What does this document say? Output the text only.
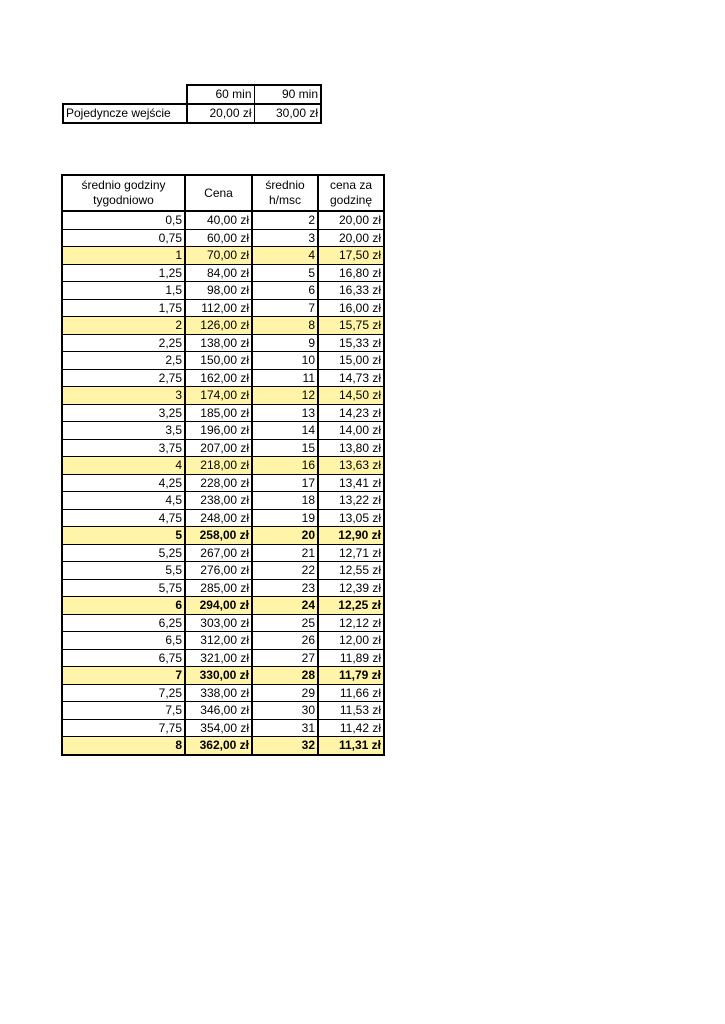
	60 min	90 min
Pojedyncze wejście	20,00 zł	30,00 zł
średnio godziny tygodniowo	Cena	średnio h/msc	cena za godzinę
0,5	40,00 zł	2	20,00 zł
0,75	60,00 zł	3	20,00 zł
1	70,00 zł	4	17,50 zł
1,25	84,00 zł	5	16,80 zł
1,5	98,00 zł	6	16,33 zł
1,75	112,00 zł	7	16,00 zł
2	126,00 zł	8	15,75 zł
2,25	138,00 zł	9	15,33 zł
2,5	150,00 zł	10	15,00 zł
2,75	162,00 zł	11	14,73 zł
3	174,00 zł	12	14,50 zł
3,25	185,00 zł	13	14,23 zł
3,5	196,00 zł	14	14,00 zł
3,75	207,00 zł	15	13,80 zł
4	218,00 zł	16	13,63 zł
4,25	228,00 zł	17	13,41 zł
4,5	238,00 zł	18	13,22 zł
4,75	248,00 zł	19	13,05 zł
5	258,00 zł	20	12,90 zł
5,25	267,00 zł	21	12,71 zł
5,5	276,00 zł	22	12,55 zł
5,75	285,00 zł	23	12,39 zł
6	294,00 zł	24	12,25 zł
6,25	303,00 zł	25	12,12 zł
6,5	312,00 zł	26	12,00 zł
6,75	321,00 zł	27	11,89 zł
7	330,00 zł	28	11,79 zł
7,25	338,00 zł	29	11,66 zł
7,5	346,00 zł	30	11,53 zł
7,75	354,00 zł	31	11,42 zł
8	362,00 zł	32	11,31 zł
